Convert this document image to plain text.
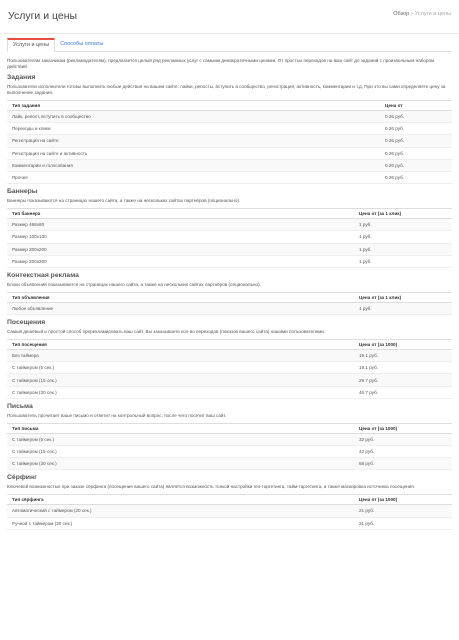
Услуги и цены	Обзор › Услуги и цены
Услуги и цены	Способы оплаты

Пользователям заказчикам (рекламодателям), предлагается целый ряд рекламных услуг с самыми демократичными ценами. От простых переходов на ваш сайт до заданий с произвольным набором действий.

Задания

Пользователи исполнители готовы выполнить любые действия на вашем сайте: лайки, репосты, вступить в сообщество, регистрация, активность, комментарии и т.д. При это вы сами определяете цену за выполнение задания.

Тип задания	Цена от
Лайк, репост, вступить в сообщество	0.26 руб.
Переходы и клики	0.26 руб.
Регистрация на сайте	0.26 руб.
Регистрация на сайте и активность	0.26 руб.
Комментарии и голосования	0.26 руб.
Прочее	0.26 руб.
Баннеры

Баннеры показываются на страницах нашего сайта, а также на нескольких сайтах партнёров (опционально).

Тип баннера	Цена от (за 1 клик)
Размер 468х60	1 руб.
Размер 100х100	1 руб.
Размер 200х200	1 руб.
Размер 200х300	1 руб.
Контекстная реклама

Блоки объявлений показываются на страницах нашего сайта, а также на нескольких сайтах партнёров (опционально).

Тип объявления	Цена от (за 1 клик)
Любое объявление	1 руб.
Посещения

Самый дешёвый и простой способ прорекламировать ваш сайт. Вы заказываете кол-во переходов (показов вашего сайта) нашими пользователями.

Тип посещения	Цена от (за 1000)
Без таймера	19.1 руб.
С таймером (5 сек.)	19.1 руб.
С таймером (15 сек.)	29.7 руб.
С таймером (30 сек.)	46.7 руб.
Письма

Пользователь прочитает ваше письмо и ответит на контрольный вопрос, после чего посетит ваш сайт.

Тип письма	Цена от (за 1000)
С таймером (5 сек.)	32 руб.
С таймером (15 сек.)	42 руб.
С таймером (30 сек.)	58 руб.
Сёрфинг

Ключевой возможностью при заказе сёрфинга (посещение вашего сайта) является возможность тонкой настройки гео-таргетинга, тайм-таргетинга, а также маскировка источника посещения.

Тип сёрфинга	Цена от (за 1000)
Автоматический с таймером (20 сек.)	21 руб.
Ручной с таймером (20 сек.)	31 руб.
